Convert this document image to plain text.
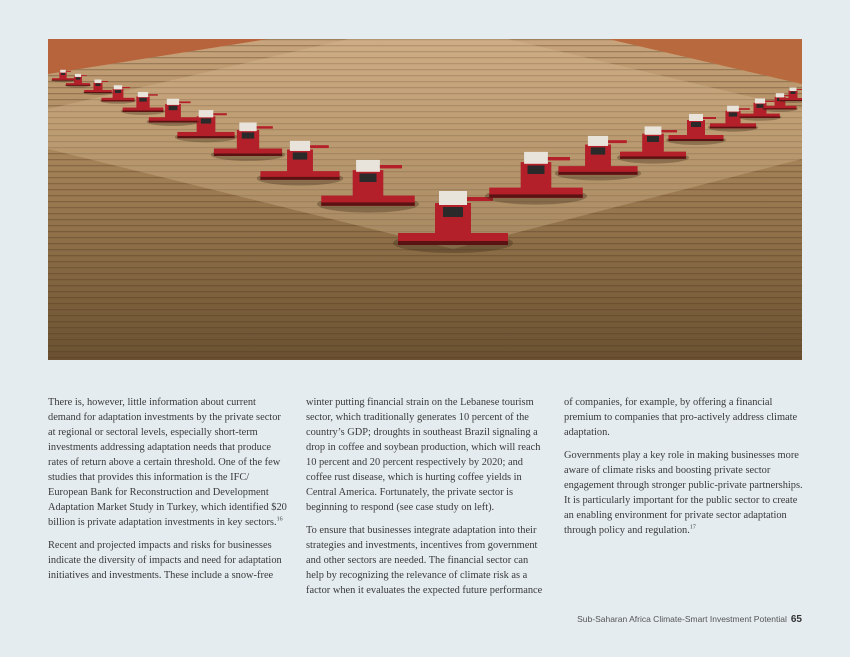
There is, however, little information about current demand for adaptation investments by the private sector at regional or sectoral levels, especially short-term investments addressing adaptation needs that produce rates of return above a certain threshold. One of the few studies that provides this information is the IFC/ European Bank for Reconstruction and Development Adaptation Market Study in Turkey, which identified $20 billion is private adaptation investments in key sectors.$^{16}$

Recent and projected impacts and risks for businesses indicate the diversity of impacts and need for adaptation initiatives and investments. These include a snow-free

winter putting financial strain on the Lebanese tourism sector, which traditionally generates 10 percent of the country’s GDP; droughts in southeast Brazil signaling a drop in coffee and soybean production, which will reach 10 percent and 20 percent respectively by 2020; and coffee rust disease, which is hurting coffee yields in Central America. Fortunately, the private sector is beginning to respond (see case study on left).

To ensure that businesses integrate adaptation into their strategies and investments, incentives from government and other sectors are needed. The financial sector can help by recognizing the relevance of climate risk as a factor when it evaluates the expected future performance

of companies, for example, by offering a financial premium to companies that pro-actively address climate adaptation.

Governments play a key role in making businesses more aware of climate risks and boosting private sector engagement through stronger public-private partnerships. It is particularly important for the public sector to create an enabling environment for private sector adaptation through policy and regulation.$^{17}$

Sub-Saharan Africa Climate-Smart Investment Potential 65
